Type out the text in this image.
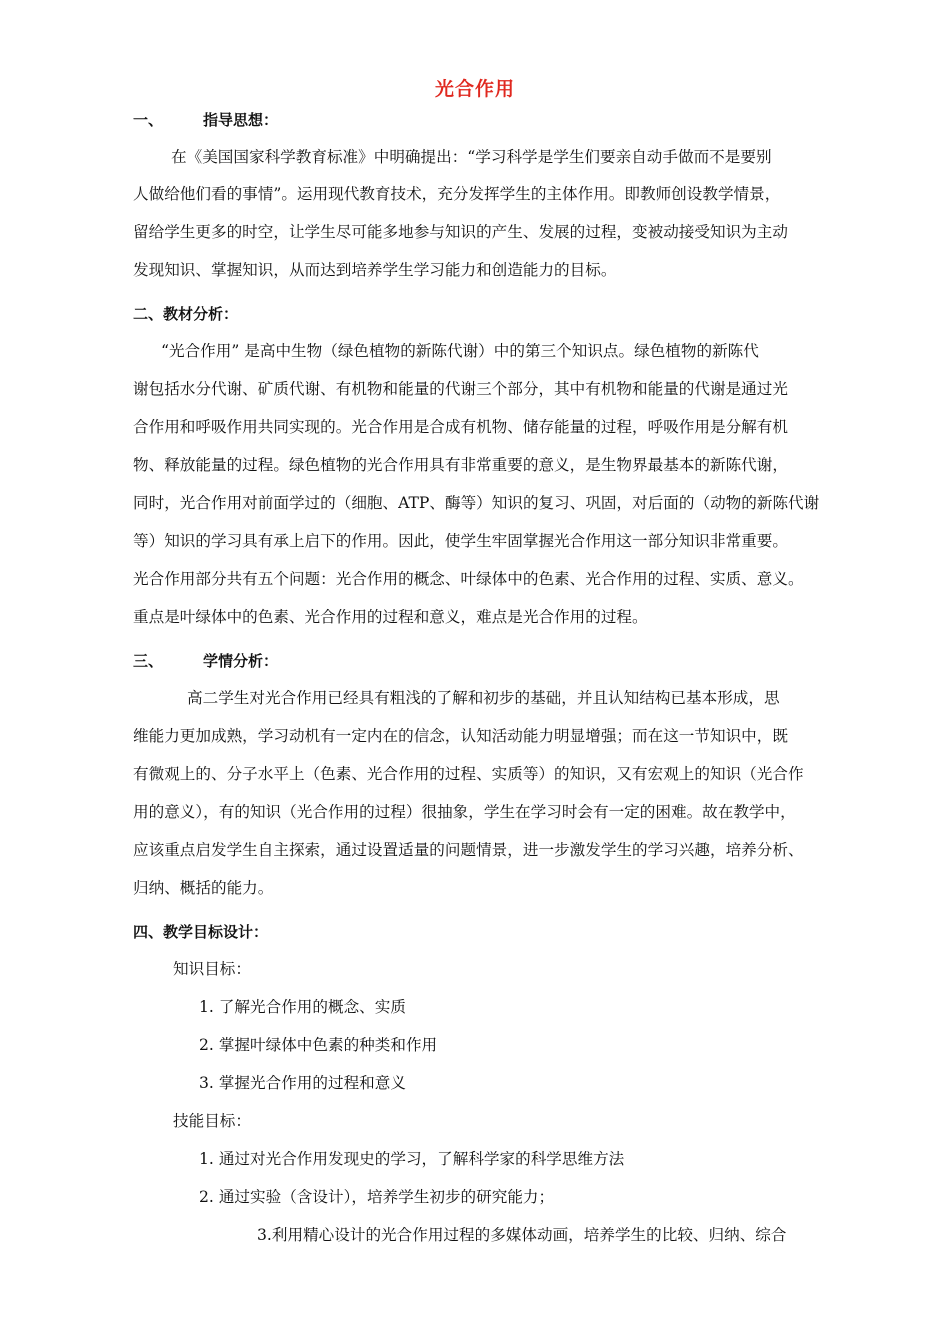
光合作用
一、	指导思想：
在《美国国家科学教育标准》中明确提出：“学习科学是学生们要亲自动手做而不是要别
人做给他们看的事情”。运用现代教育技术，充分发挥学生的主体作用。即教师创设教学情景，
留给学生更多的时空，让学生尽可能多地参与知识的产生、发展的过程，变被动接受知识为主动
发现知识、掌握知识，从而达到培养学生学习能力和创造能力的目标。
二、教材分析：
“光合作用” 是高中生物（绿色植物的新陈代谢）中的第三个知识点。绿色植物的新陈代
谢包括水分代谢、矿质代谢、有机物和能量的代谢三个部分，其中有机物和能量的代谢是通过光
合作用和呼吸作用共同实现的。光合作用是合成有机物、储存能量的过程，呼吸作用是分解有机
物、释放能量的过程。绿色植物的光合作用具有非常重要的意义，是生物界最基本的新陈代谢，
同时，光合作用对前面学过的（细胞、ATP、酶等）知识的复习、巩固，对后面的（动物的新陈代谢
等）知识的学习具有承上启下的作用。因此，使学生牢固掌握光合作用这一部分知识非常重要。
光合作用部分共有五个问题：光合作用的概念、叶绿体中的色素、光合作用的过程、实质、意义。
重点是叶绿体中的色素、光合作用的过程和意义，难点是光合作用的过程。
三、	学情分析：
高二学生对光合作用已经具有粗浅的了解和初步的基础，并且认知结构已基本形成，思
维能力更加成熟，学习动机有一定内在的信念，认知活动能力明显增强；而在这一节知识中，既
有微观上的、分子水平上（色素、光合作用的过程、实质等）的知识，又有宏观上的知识（光合作
用的意义），有的知识（光合作用的过程）很抽象，学生在学习时会有一定的困难。故在教学中，
应该重点启发学生自主探索，通过设置适量的问题情景，进一步激发学生的学习兴趣，培养分析、
归纳、概括的能力。
四、教学目标设计：
知识目标：
1. 了解光合作用的概念、实质
2. 掌握叶绿体中色素的种类和作用
3. 掌握光合作用的过程和意义
技能目标：
1. 通过对光合作用发现史的学习，了解科学家的科学思维方法
2. 通过实验（含设计），培养学生初步的研究能力；
3.利用精心设计的光合作用过程的多媒体动画，培养学生的比较、归纳、综合
